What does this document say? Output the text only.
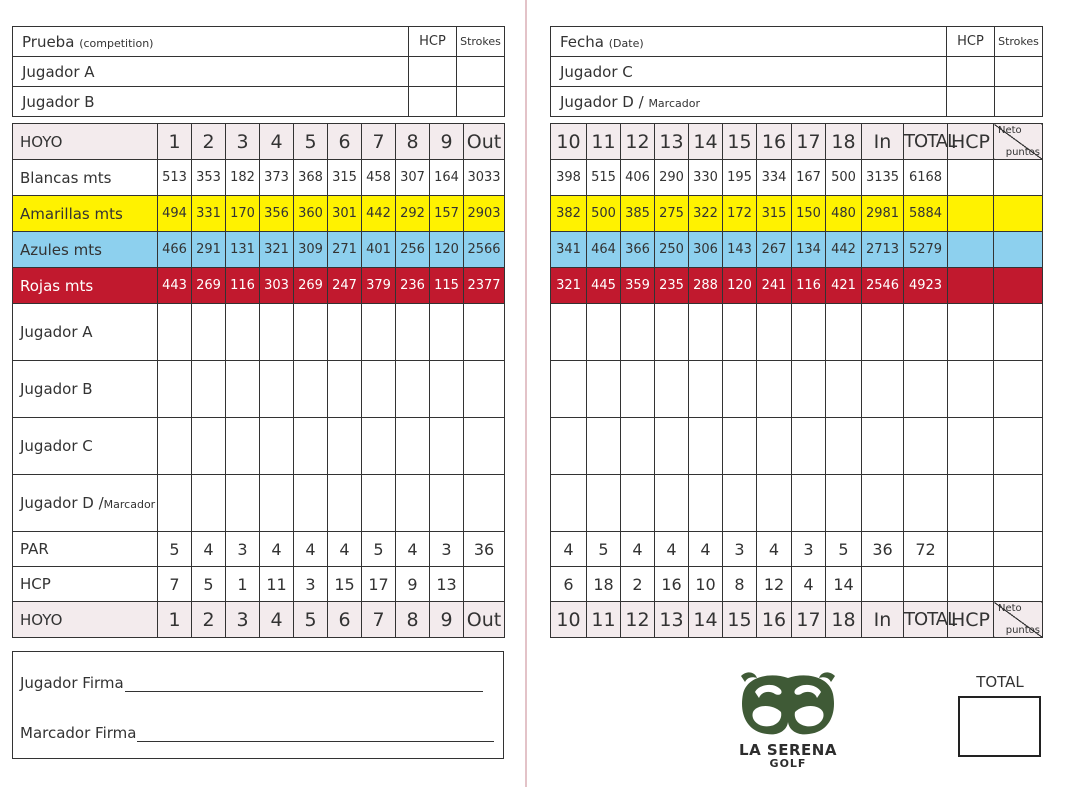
Prueba (competition)	HCP	Strokes
Jugador A		
Jugador B		
Fecha (Date)	HCP	Strokes
Jugador C		
Jugador D / Marcador		
HOYO	1	2	3	4	5	6	7	8	9	Out
Blancas mts	513	353	182	373	368	315	458	307	164	3033
Amarillas mts	494	331	170	356	360	301	442	292	157	2903
Azules mts	466	291	131	321	309	271	401	256	120	2566
Rojas mts	443	269	116	303	269	247	379	236	115	2377
Jugador A										
Jugador B										
Jugador C										
Jugador D /Marcador										
PAR	5	4	3	4	4	4	5	4	3	36
HCP	7	5	1	11	3	15	17	9	13	
HOYO	1	2	3	4	5	6	7	8	9	Out
10	11	12	13	14	15	16	17	18	In	TOTAL	HCP	Neto
puntos

398	515	406	290	330	195	334	167	500	3135	6168		
382	500	385	275	322	172	315	150	480	2981	5884		
341	464	366	250	306	143	267	134	442	2713	5279		
321	445	359	235	288	120	241	116	421	2546	4923		

4	5	4	4	4	3	4	3	5	36	72		
6	18	2	16	10	8	12	4	14				
10	11	12	13	14	15	16	17	18	In	TOTAL	HCP	Neto
puntos
Jugador Firma
Marcador Firma
LA SERENA
GOLF
TOTAL
